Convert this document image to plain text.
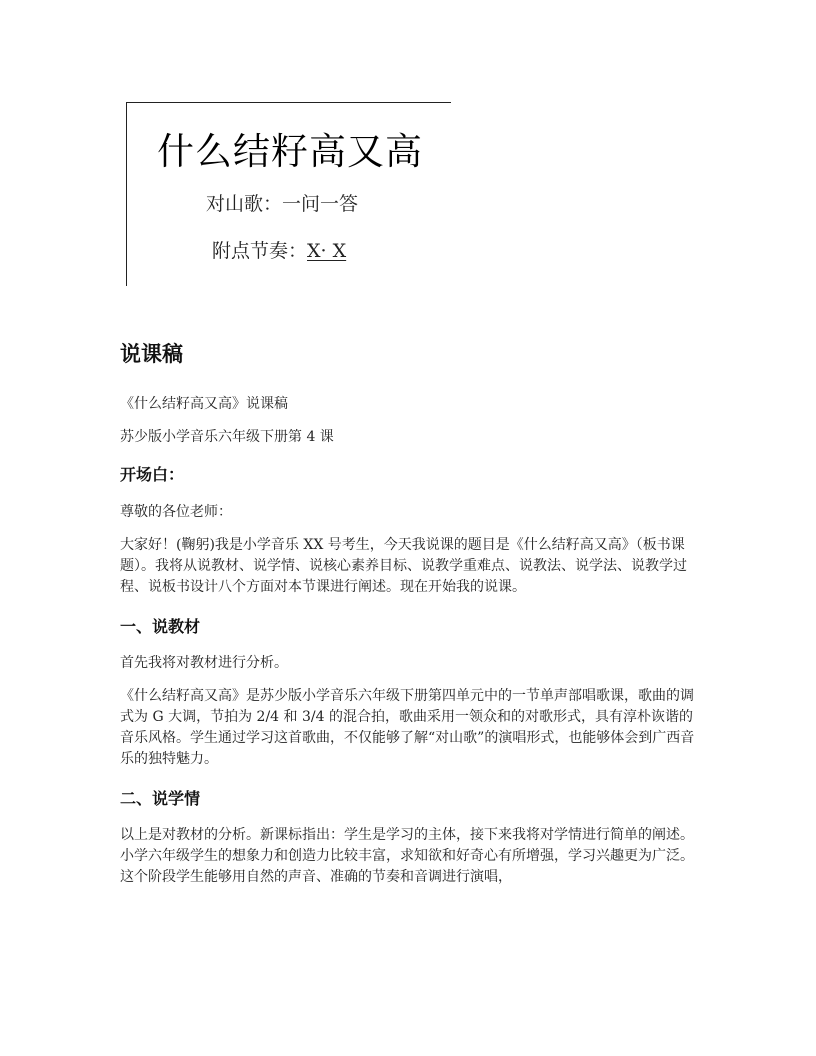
什么结籽高又高
对山歌：一问一答
附点节奏：X· X
说课稿

《什么结籽高又高》说课稿

苏少版小学音乐六年级下册第 4 课

开场白：

尊敬的各位老师：

大家好！(鞠躬)我是小学音乐 XX 号考生，今天我说课的题目是《什么结籽高又高》（板书课题）。我将从说教材、说学情、说核心素养目标、说教学重难点、说教法、说学法、说教学过程、说板书设计八个方面对本节课进行阐述。现在开始我的说课。

一、说教材

首先我将对教材进行分析。

《什么结籽高又高》是苏少版小学音乐六年级下册第四单元中的一节单声部唱歌课，歌曲的调式为 G 大调，节拍为 2/4 和 3/4 的混合拍，歌曲采用一领众和的对歌形式，具有淳朴诙谐的音乐风格。学生通过学习这首歌曲，不仅能够了解“对山歌”的演唱形式，也能够体会到广西音乐的独特魅力。

二、说学情

以上是对教材的分析。新课标指出：学生是学习的主体，接下来我将对学情进行简单的阐述。小学六年级学生的想象力和创造力比较丰富，求知欲和好奇心有所增强，学习兴趣更为广泛。这个阶段学生能够用自然的声音、准确的节奏和音调进行演唱，
